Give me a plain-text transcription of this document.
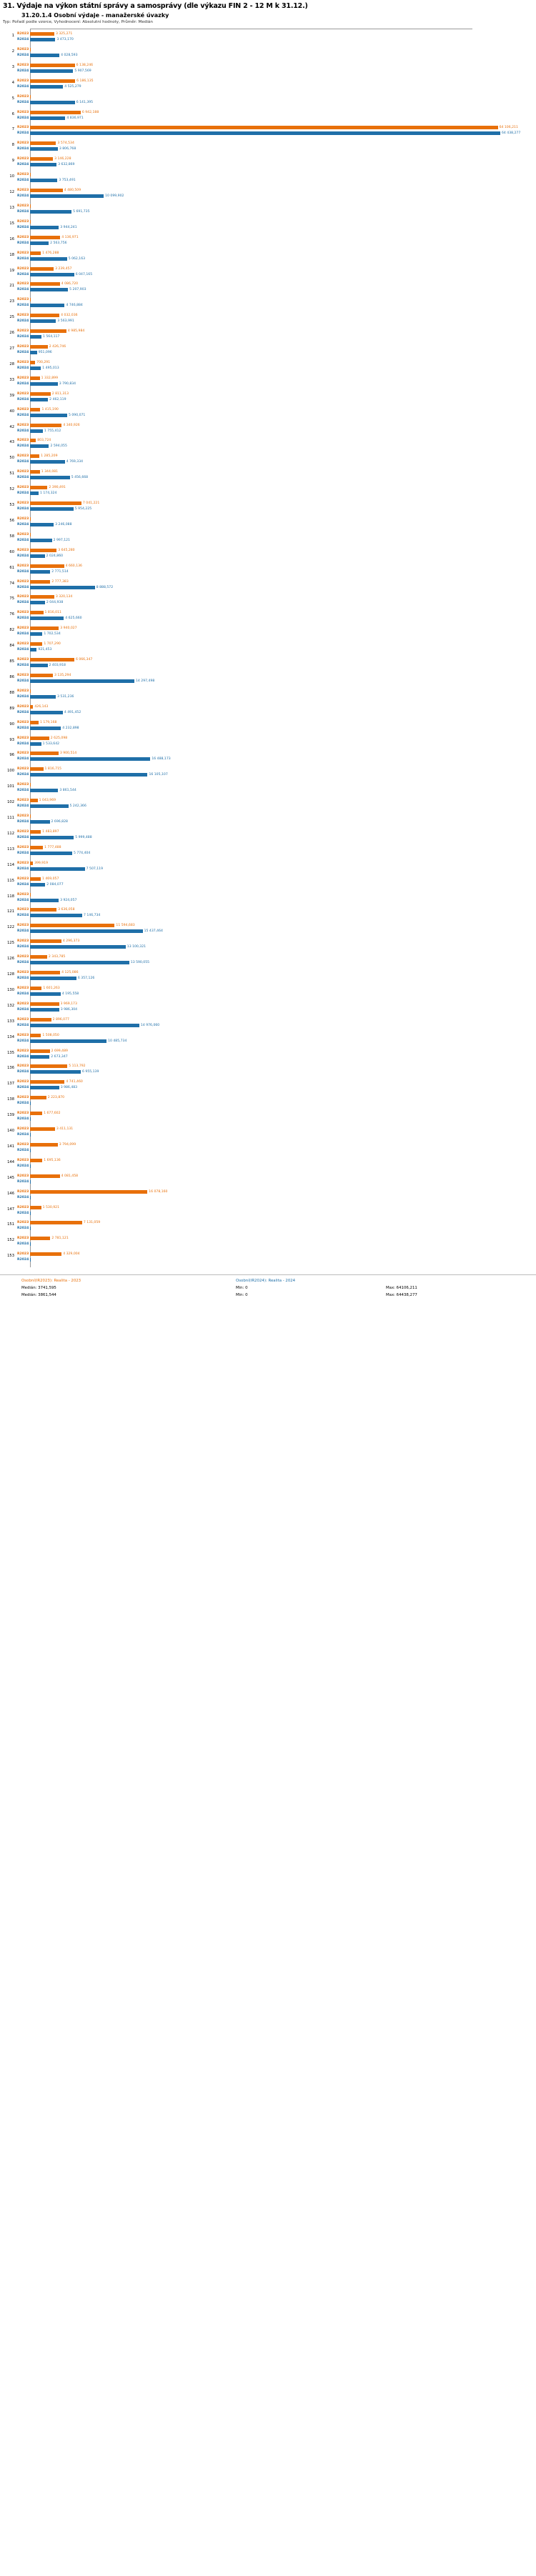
31. Výdaje na výkon státní správy a samosprávy (dle výkazu FIN 2 - 12 M k 31.12.)
31.20.1.4 Osobní výdaje - manažerské úvazky
Typ: Pořadí podle vzorce, Vyhodnocení: Absolutní hodnoty, Průměr: Medián
1 R2023	3 325,271
R2024	3 473,170
2 R2023
R2024	4 028,593
3 R2023	6 138,246
R2024	5 907,569
4 R2023	6 186,135
R2024	4 525,279
5 R2023
R2024	6 141,395
6 R2023	6 942,188
R2024	4 836,971
7 R2023	64 106,211
R2024	64 438,277
8 R2023	3 574,534
R2024	3 806,768
9 R2023	3 146,228
R2024	3 632,869
10 R2023
R2024	3 753,491
12 R2023	4 480,509
R2024	10 099,902
13 R2023
R2024	5 691,735
15 R2023
R2024	3 944,241
16 R2023	4 136,971
R2024	2 563,756
18 R2023	1 476,288
R2024	5 062,163
19 R2023	3 239,457
R2024	6 047,165
21 R2023	4 086,720
R2024	5 207,903
23 R2023
R2024	4 746,884
25 R2023	4 032,036
R2024	3 563,991
26 R2023	4 985,984
R2024	1 564,117
27 R2023	2 426,746
R2024	951,096
28 R2023 700,291
R2024	1 495,013
33 R2023	1 332,899
R2024	3 790,834
39 R2023	2 811,313
R2024	2 462,119
40 R2023	1 415,190
R2024	5 090,071
42 R2023	4 340,926
R2024	1 755,412
43 R2023	803,724
R2024	2 594,055
50 R2023	1 285,209
R2024	4 769,334
51 R2023	1 344,081
R2024	5 456,668
52 R2023	2 390,491
R2024	1 174,324
53 R2023	7 041,221
R2024	5 954,225
56 R2023
R2024	3 246,088
58 R2023
R2024	2 997,121
60 R2023	3 645,280
R2024	2 024,860
61 R2023	4 660,136
R2024	2 771,514
74 R2023	2 777,383
R2024	8 888,572
75 R2023	3 320,134
R2024	2 044,938
76 R2023	1 816,011
R2024	4 625,660
82 R2023	3 940,027
R2024	1 702,534
84 R2023	1 707,290
R2024	921,453
85 R2023	6 066,347
R2024	2 403,918
86 R2023	3 135,294
R2024	14 297,498
88 R2023
R2024	3 531,236
89 R2023 426,143
R2024	4 491,452
90 R2023	1 179,168
R2024	4 232,898
93 R2023	2 625,098
R2024	1 533,642
96 R2023	3 900,514
R2024	16 488,173
100 R2023	1 816,715
R2024	16 105,107
101 R2023
R2024	3 861,544
102 R2023	1 043,969
R2024	5 242,366
111 R2023
R2024	2 696,828
112 R2023	1 483,897
R2024	5 999,488
113 R2023	1 777,488
R2024	5 774,404
114 R2023 399,919
R2024	7 507,119
115 R2023	1 469,057
R2024	2 084,077
118 R2023
R2024	3 924,057
121 R2023	3 636,058
R2024	7 146,734
122 R2023	11 594,683
R2024	15 437,464
125 R2023	4 296,373
R2024	13 100,321
126 R2023	2 343,785
R2024	13 590,055
128 R2023	4 125,086
R2024	6 357,126
130 R2023	1 601,263
R2024	4 195,558
132 R2023	3 969,173
R2024	3 986,304
133 R2023	2 896,077
R2024	14 976,060
134 R2023	1 508,050
R2024	10 485,734
135 R2023	2 699,489
R2024	2 673,347
136 R2023	5 113,792
R2024	6 955,139
137 R2023	4 741,460
R2024	3 986,483
138 R2023	2 223,870
R2024
139 R2023	1 677,602
R2024
140 R2023	3 411,131
R2024
141 R2023	3 794,099
R2024
144 R2023	1 695,136
R2024
145 R2023	4 081,458
R2024
146 R2023	16 078,160
R2024
147 R2023	1 530,921
R2024
151 R2023	7 131,059
R2024
152 R2023	2 781,121
R2024
153 R2023	4 329,004
R2024
Osobní(IR2023): Realita - 2023	Osobní(IR2024): Realita - 2024
Medián: 3741,595	Min: 0	Max: 64106,211
Medián: 3861,544	Min: 0	Max: 64438,277
